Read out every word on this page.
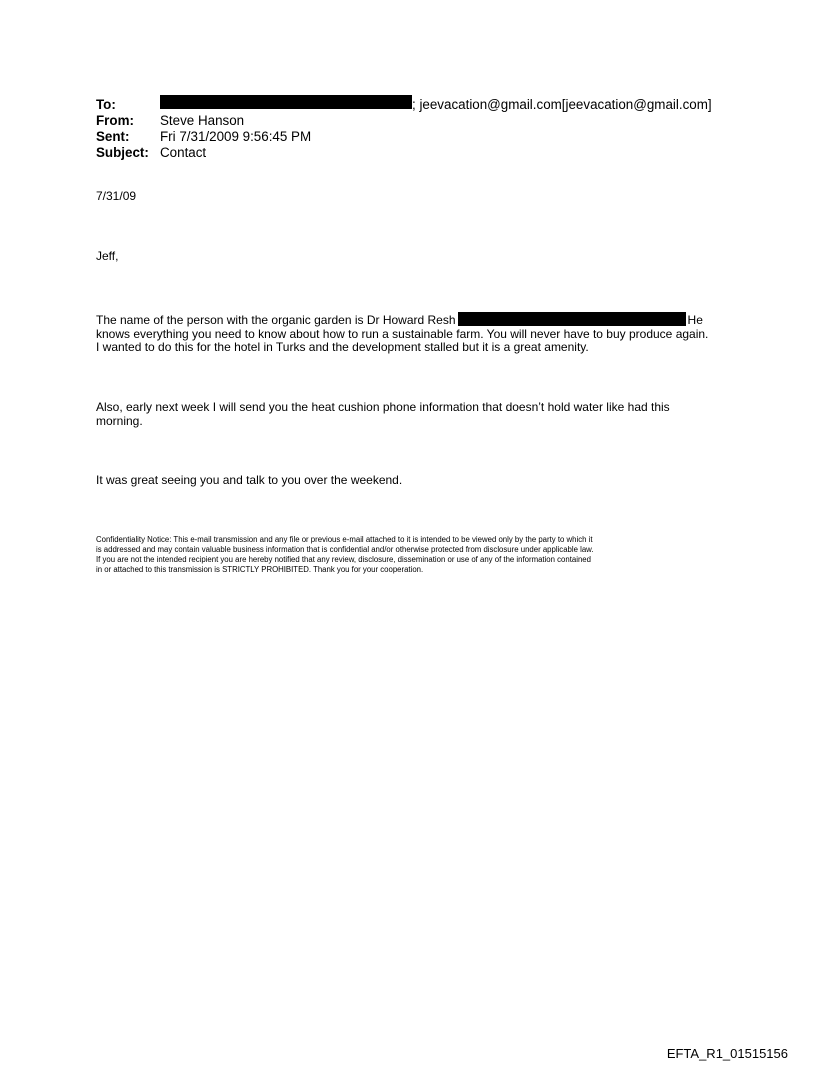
To:	; jeevacation@gmail.com[jeevacation@gmail.com]
From:	Steve Hanson
Sent:	Fri 7/31/2009 9:56:45 PM
Subject: Contact
7/31/09
Jeff,
The name of the person with the organic garden is Dr Howard Resh	He
knows everything you need to know about how to run a sustainable farm. You will never have to buy produce again.
I wanted to do this for the hotel in Turks and the development stalled but it is a great amenity.
Also, early next week I will send you the heat cushion phone information that doesn’t hold water like had this
morning.
It was great seeing you and talk to you over the weekend.
Confidentiality Notice: This e-mail transmission and any file or previous e-mail attached to it is intended to be viewed only by the party to which it
is addressed and may contain valuable business information that is confidential and/or otherwise protected from disclosure under applicable law.
If you are not the intended recipient you are hereby notified that any review, disclosure, dissemination or use of any of the information contained
in or attached to this transmission is STRICTLY PROHIBITED. Thank you for your cooperation.
EFTA_R1_01515156
